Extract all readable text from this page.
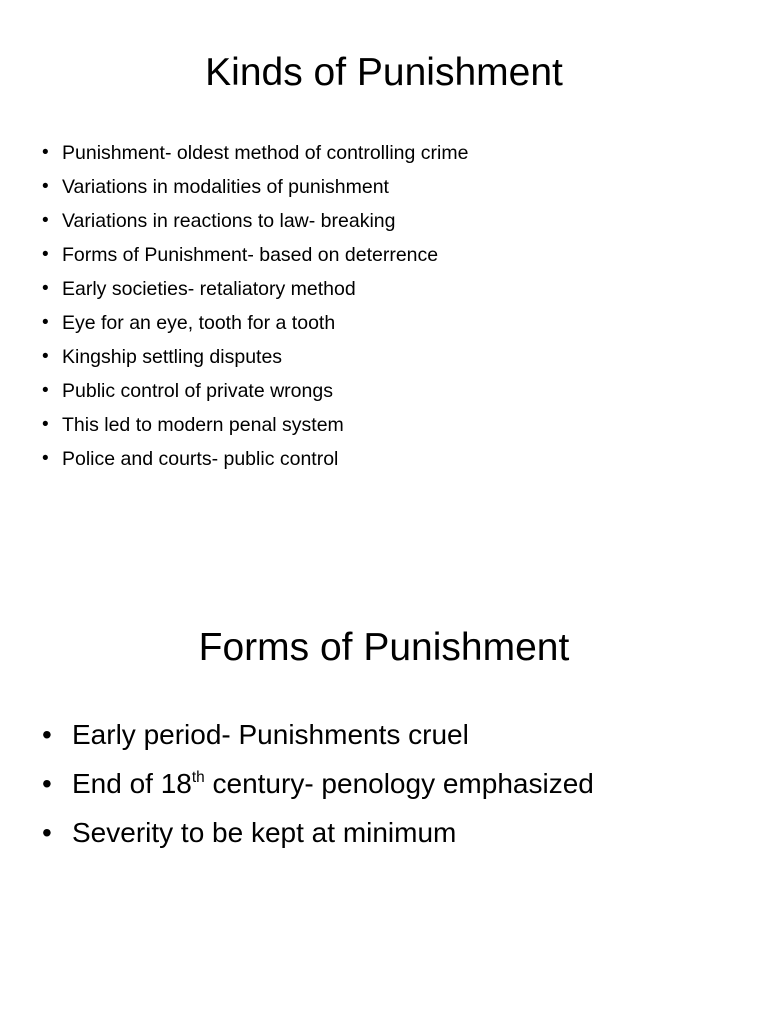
Kinds of Punishment
• Punishment- oldest method of controlling crime
• Variations in modalities of punishment
• Variations in reactions to law- breaking
• Forms of Punishment- based on deterrence
• Early societies- retaliatory method
• Eye for an eye, tooth for a tooth
• Kingship settling disputes
• Public control of private wrongs
• This led to modern penal system
• Police and courts- public control
Forms of Punishment
• Early period- Punishments cruel
• End of 18th century- penology emphasized
• Severity to be kept at minimum
